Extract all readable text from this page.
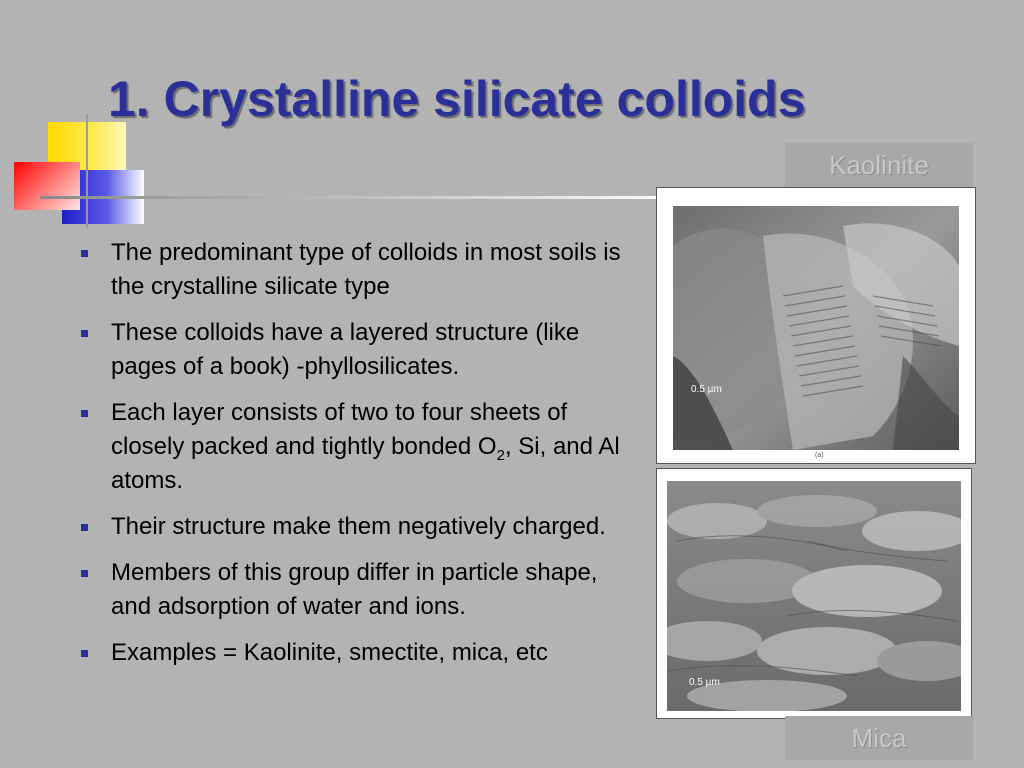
1. Crystalline silicate colloids
The predominant type of colloids in most soils is the crystalline silicate type
These colloids have a layered structure (like pages of a book) -phyllosilicates.
Each layer consists of two to four sheets of closely packed and tightly bonded $O_2$, Si, and Al atoms.
Their structure make them negatively charged.
Members of this group differ in particle shape, and adsorption of water and ions.
Examples = Kaolinite, smectite, mica, etc
Kaolinite
0.5 µm
(a)
0.5 µm
Mica
